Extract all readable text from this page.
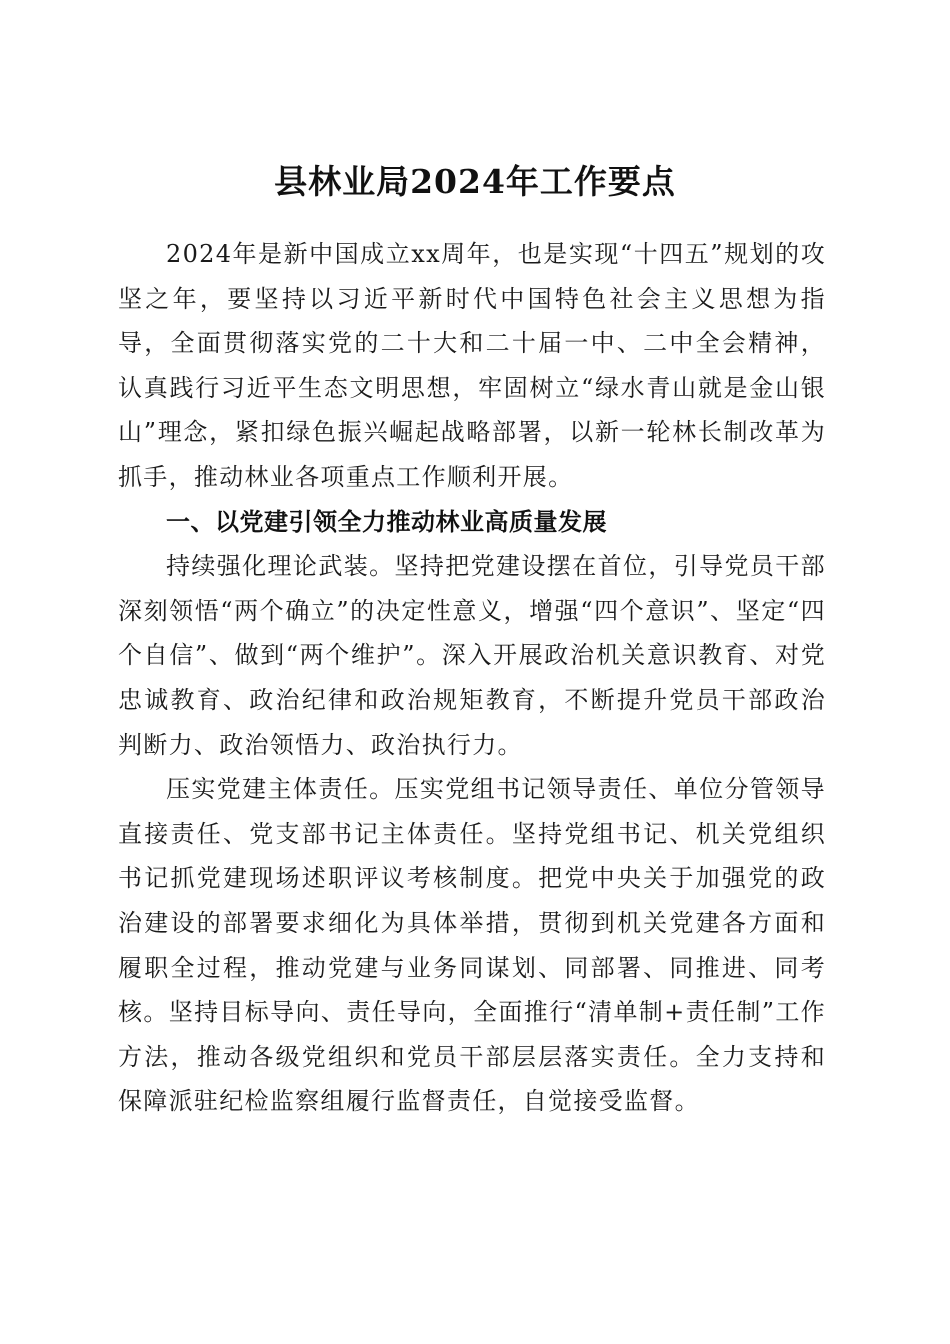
县林业局2024年工作要点

2024年是新中国成立xx周年，也是实现“十四五”规划的攻坚之年，要坚持以习近平新时代中国特色社会主义思想为指导，全面贯彻落实党的二十大和二十届一中、二中全会精神，认真践行习近平生态文明思想，牢固树立“绿水青山就是金山银山”理念，紧扣绿色振兴崛起战略部署，以新一轮林长制改革为抓手，推动林业各项重点工作顺利开展。

一、以党建引领全力推动林业高质量发展

持续强化理论武装。坚持把党建设摆在首位，引导党员干部深刻领悟“两个确立”的决定性意义，增强“四个意识”、坚定“四个自信”、做到“两个维护”。深入开展政治机关意识教育、对党忠诚教育、政治纪律和政治规矩教育，不断提升党员干部政治判断力、政治领悟力、政治执行力。

压实党建主体责任。压实党组书记领导责任、单位分管领导直接责任、党支部书记主体责任。坚持党组书记、机关党组织书记抓党建现场述职评议考核制度。把党中央关于加强党的政治建设的部署要求细化为具体举措，贯彻到机关党建各方面和履职全过程，推动党建与业务同谋划、同部署、同推进、同考核。坚持目标导向、责任导向，全面推行“清单制+责任制”工作方法，推动各级党组织和党员干部层层落实责任。全力支持和保障派驻纪检监察组履行监督责任，自觉接受监督。
